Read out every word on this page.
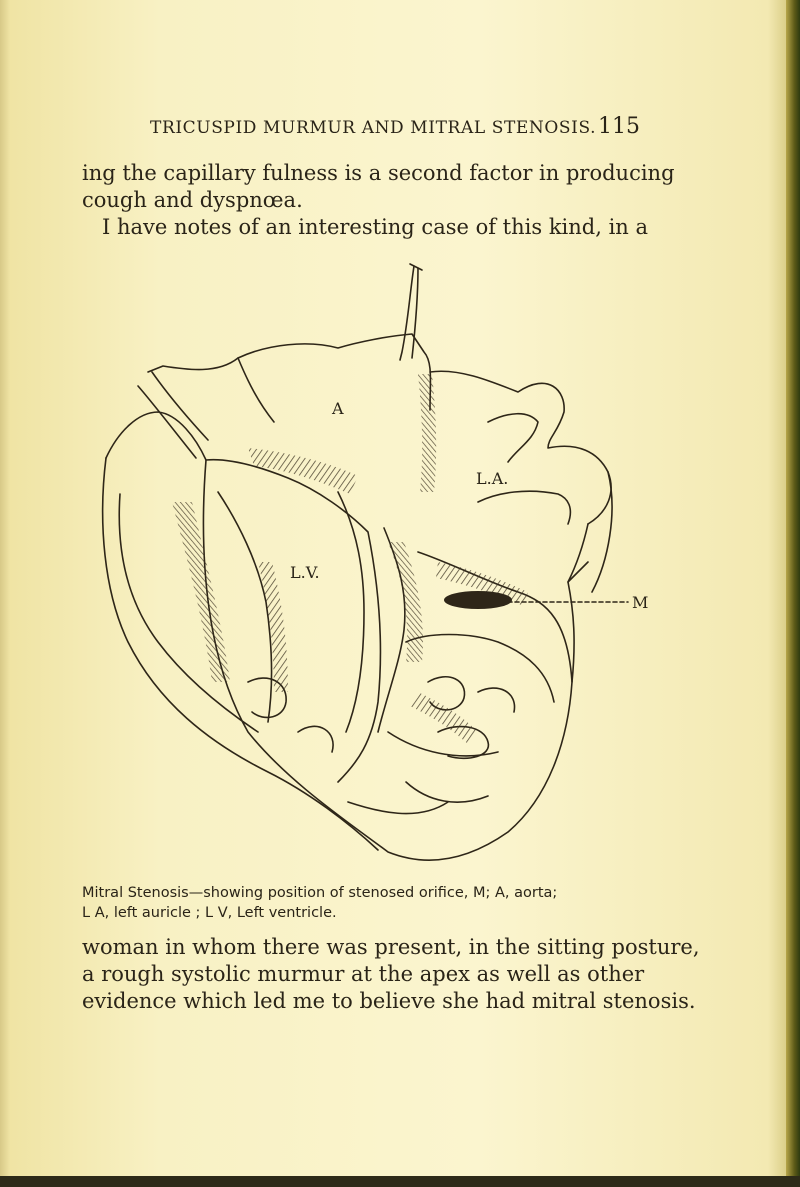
TRICUSPID MURMUR AND MITRAL STENOSIS. 115
ing the capillary fulness is a second factor in producing
cough and dyspnœa.
I have notes of an interesting case of this kind, in a
A
L.A.
L.V.
M
Mitral Stenosis—showing position of stenosed orifice, M; A, aorta;
L A, left auricle ; L V, Left ventricle.
woman in whom there was present, in the sitting posture,
a rough systolic murmur at the apex as well as other
evidence which led me to believe she had mitral stenosis.
